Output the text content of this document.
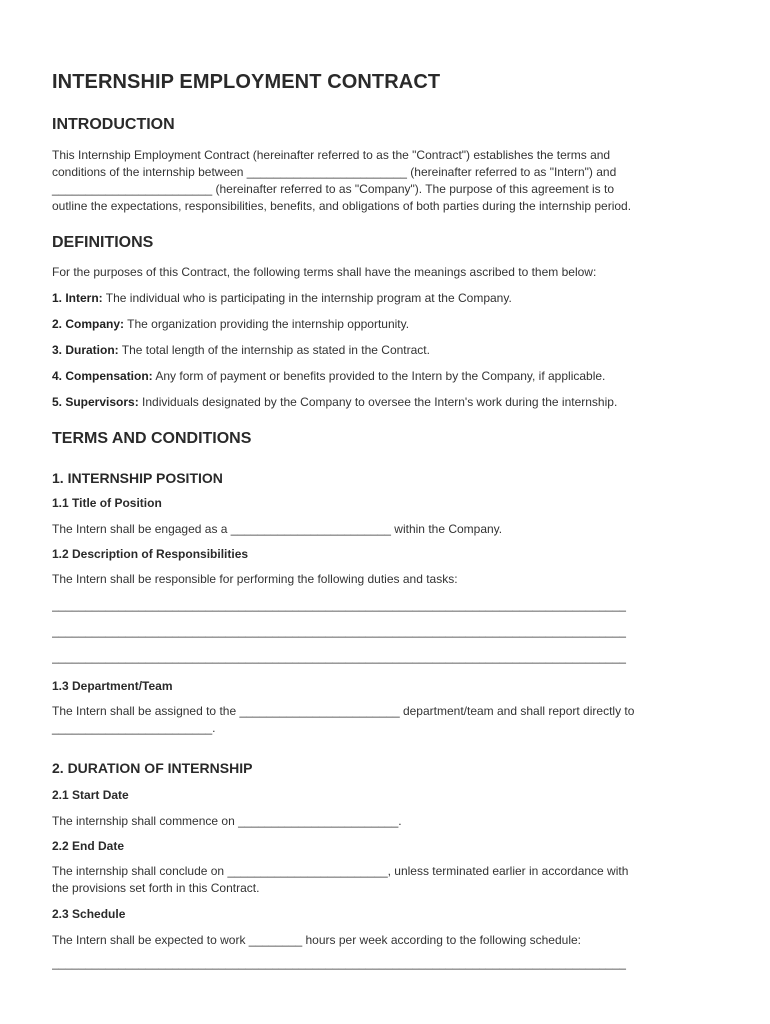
INTERNSHIP EMPLOYMENT CONTRACT
INTRODUCTION

This Internship Employment Contract (hereinafter referred to as the "Contract") establishes the terms and

conditions of the internship between ________________________ (hereinafter referred to as "Intern") and

________________________ (hereinafter referred to as "Company"). The purpose of this agreement is to

outline the expectations, responsibilities, benefits, and obligations of both parties during the internship period.

DEFINITIONS

For the purposes of this Contract, the following terms shall have the meanings ascribed to them below:

1. Intern: The individual who is participating in the internship program at the Company.

2. Company: The organization providing the internship opportunity.

3. Duration: The total length of the internship as stated in the Contract.

4. Compensation: Any form of payment or benefits provided to the Intern by the Company, if applicable.

5. Supervisors: Individuals designated by the Company to oversee the Intern's work during the internship.

TERMS AND CONDITIONS
1. INTERNSHIP POSITION
1.1 Title of Position

The Intern shall be engaged as a ________________________ within the Company.

1.2 Description of Responsibilities

The Intern shall be responsible for performing the following duties and tasks:

______________________________________________________________________________________
______________________________________________________________________________________
______________________________________________________________________________________
1.3 Department/Team

The Intern shall be assigned to the ________________________ department/team and shall report directly to

________________________.

2. DURATION OF INTERNSHIP
2.1 Start Date

The internship shall commence on ________________________.

2.2 End Date

The internship shall conclude on ________________________, unless terminated earlier in accordance with

the provisions set forth in this Contract.

2.3 Schedule

The Intern shall be expected to work ________ hours per week according to the following schedule:

______________________________________________________________________________________
